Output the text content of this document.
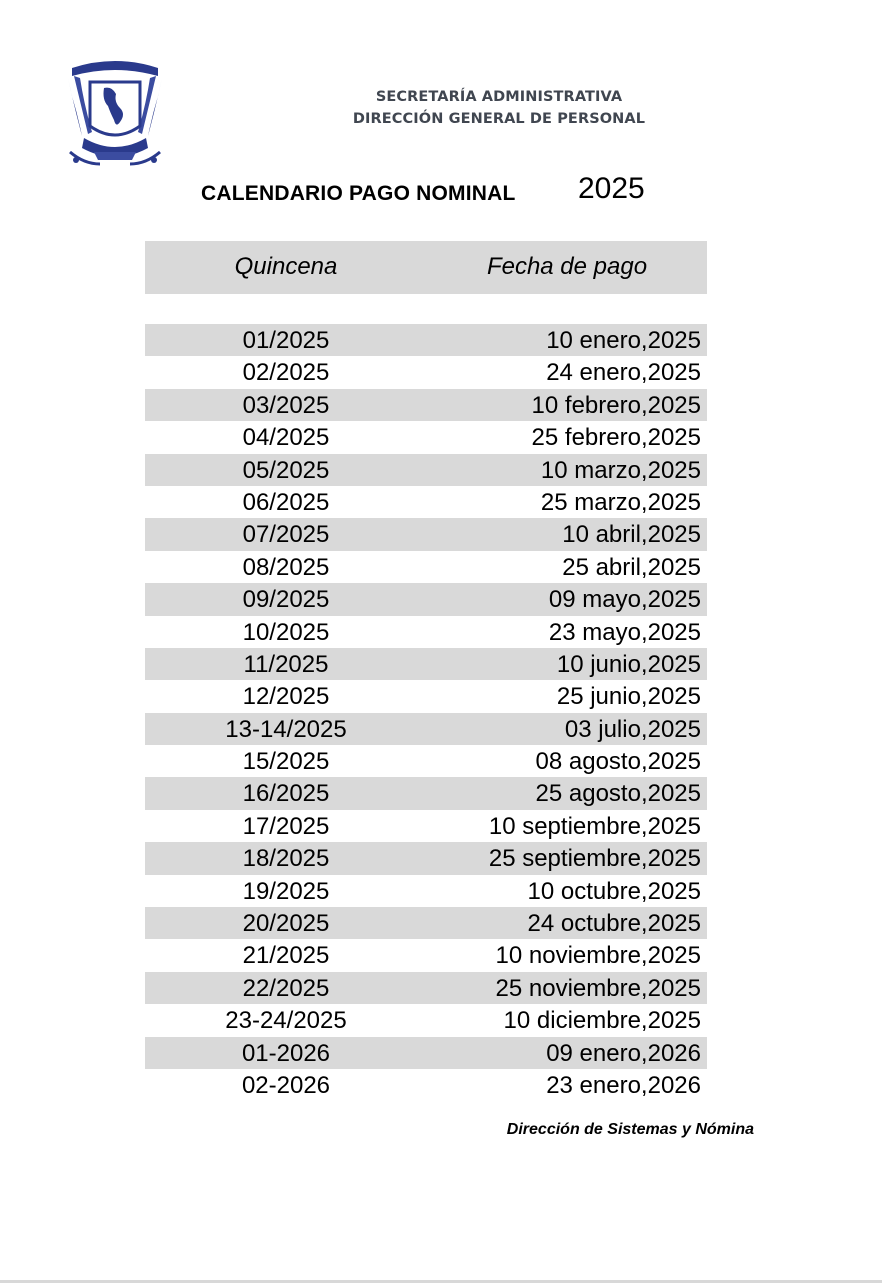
SECRETARÍA ADMINISTRATIVA
DIRECCIÓN GENERAL DE PERSONAL
CALENDARIO PAGO NOMINAL 2025
Quincena	Fecha de pago
01/2025	10 enero,2025
02/2025	24 enero,2025
03/2025	10 febrero,2025
04/2025	25 febrero,2025
05/2025	10 marzo,2025
06/2025	25 marzo,2025
07/2025	10 abril,2025
08/2025	25 abril,2025
09/2025	09 mayo,2025
10/2025	23 mayo,2025
11/2025	10 junio,2025
12/2025	25 junio,2025
13-14/2025	03 julio,2025
15/2025	08 agosto,2025
16/2025	25 agosto,2025
17/2025	10 septiembre,2025
18/2025	25 septiembre,2025
19/2025	10 octubre,2025
20/2025	24 octubre,2025
21/2025	10 noviembre,2025
22/2025	25 noviembre,2025
23-24/2025	10 diciembre,2025
01-2026	09 enero,2026
02-2026	23 enero,2026
Dirección de Sistemas y Nómina
